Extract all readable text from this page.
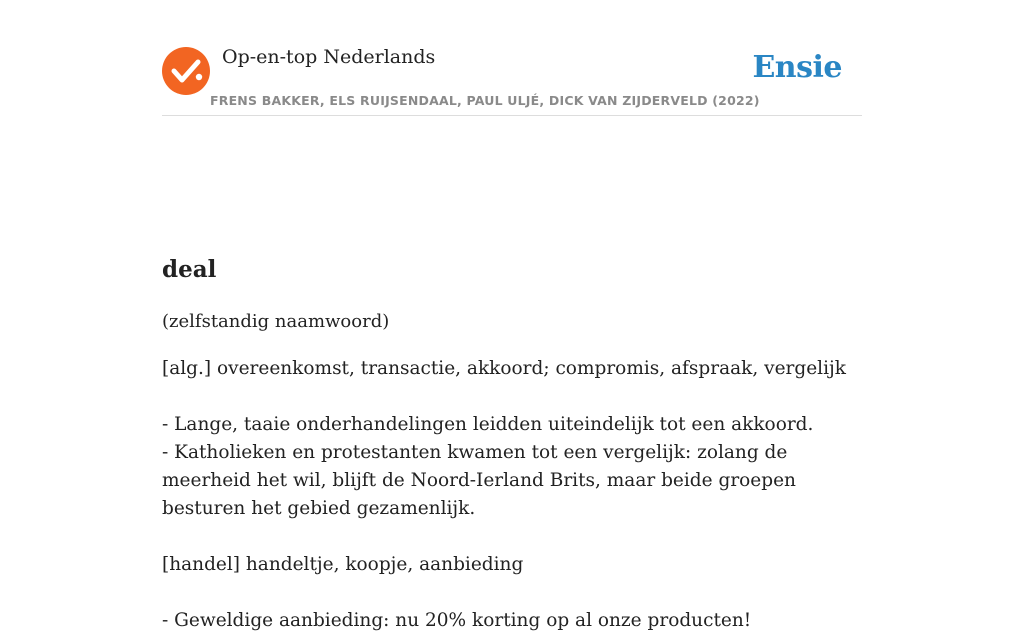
Op-en-top Nederlands
FRENS BAKKER, ELS RUIJSENDAAL, PAUL ULJÉ, DICK VAN ZIJDERVELD (2022)
Ensie
deal
(zelfstandig naamwoord)
[alg.] overeenkomst, transactie, akkoord; compromis, afspraak, vergelijk
- Lange, taaie onderhandelingen leidden uiteindelijk tot een akkoord.
- Katholieken en protestanten kwamen tot een vergelijk: zolang de meerheid het wil, blijft de Noord-Ierland Brits, maar beide groepen besturen het gebied gezamenlijk.
[handel] handeltje, koopje, aanbieding
- Geweldige aanbieding: nu 20% korting op al onze producten!
